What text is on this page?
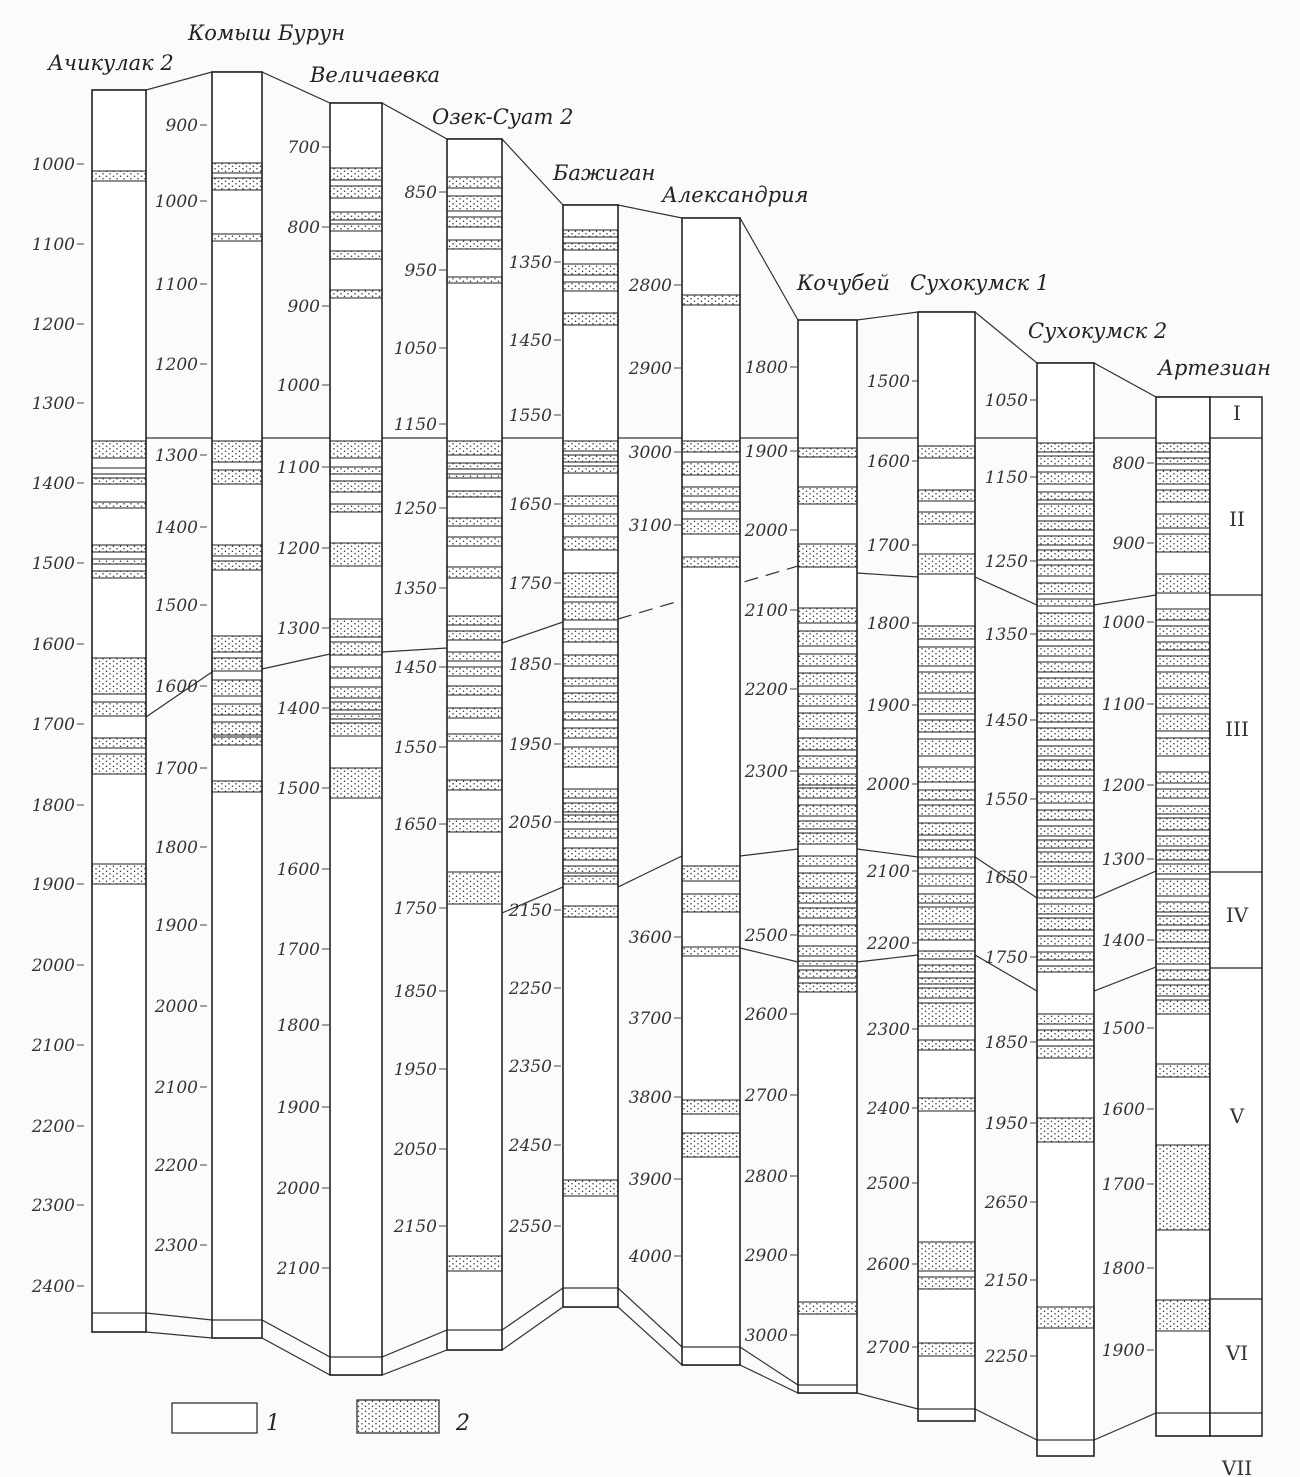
Ачикулак 2
Комыш Бурун
Величаевка
Озек-Суат 2
Бажиган
Александрия
Кочубей Сухокумск 1
Сухокумск 2
Артезиан
1000
1100
1200
1300
1400
1500
1600
1700
1800
1900
2000
2100
2200
2300
2400
900
1000
1100
1200
1300
1400
1500
1600
1700
1800
1900
2000
2100
2200
2300
700
800
900
1000
1100
1200
1300
1400
1500
1600
1700
1800
1900
2000
2100
850
950
1050
1150
1250
1350
1450
1550
1650
1750
1850
1950
2050
2150
1350
1450
1550
1650
1750
1850
1950
2050
2150
2250
2350
2450
2550
2800
2900
3000
3100
3600
3700
3800
3900
4000
1800
1900
2000
2100
2200
2300
2500
2600
2700
2800
2900
3000
1500
1600
1700
1800
1900
2000
2100
2200
2300
2400
2500
2600
2700
1050
1150
1250
1350
1450
1550
1650
1750
1850
1950
2650
2150
2250
800
900
1000
1100
1200
1300
1400
1500
1600
1700
1800
1900
I
II
III
IV
V
VI
VII
1	2
